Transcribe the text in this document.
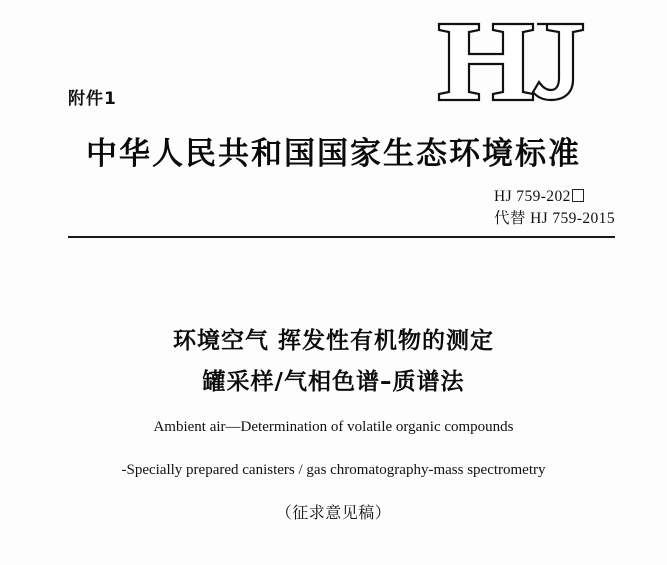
附件1
中华人民共和国国家生态环境标准
HJ 759-202
代替 HJ 759-2015
环境空气 挥发性有机物的测定
罐采样/气相色谱–质谱法
Ambient air—Determination of volatile organic compounds
-Specially prepared canisters / gas chromatography-mass spectrometry
（征求意见稿）
